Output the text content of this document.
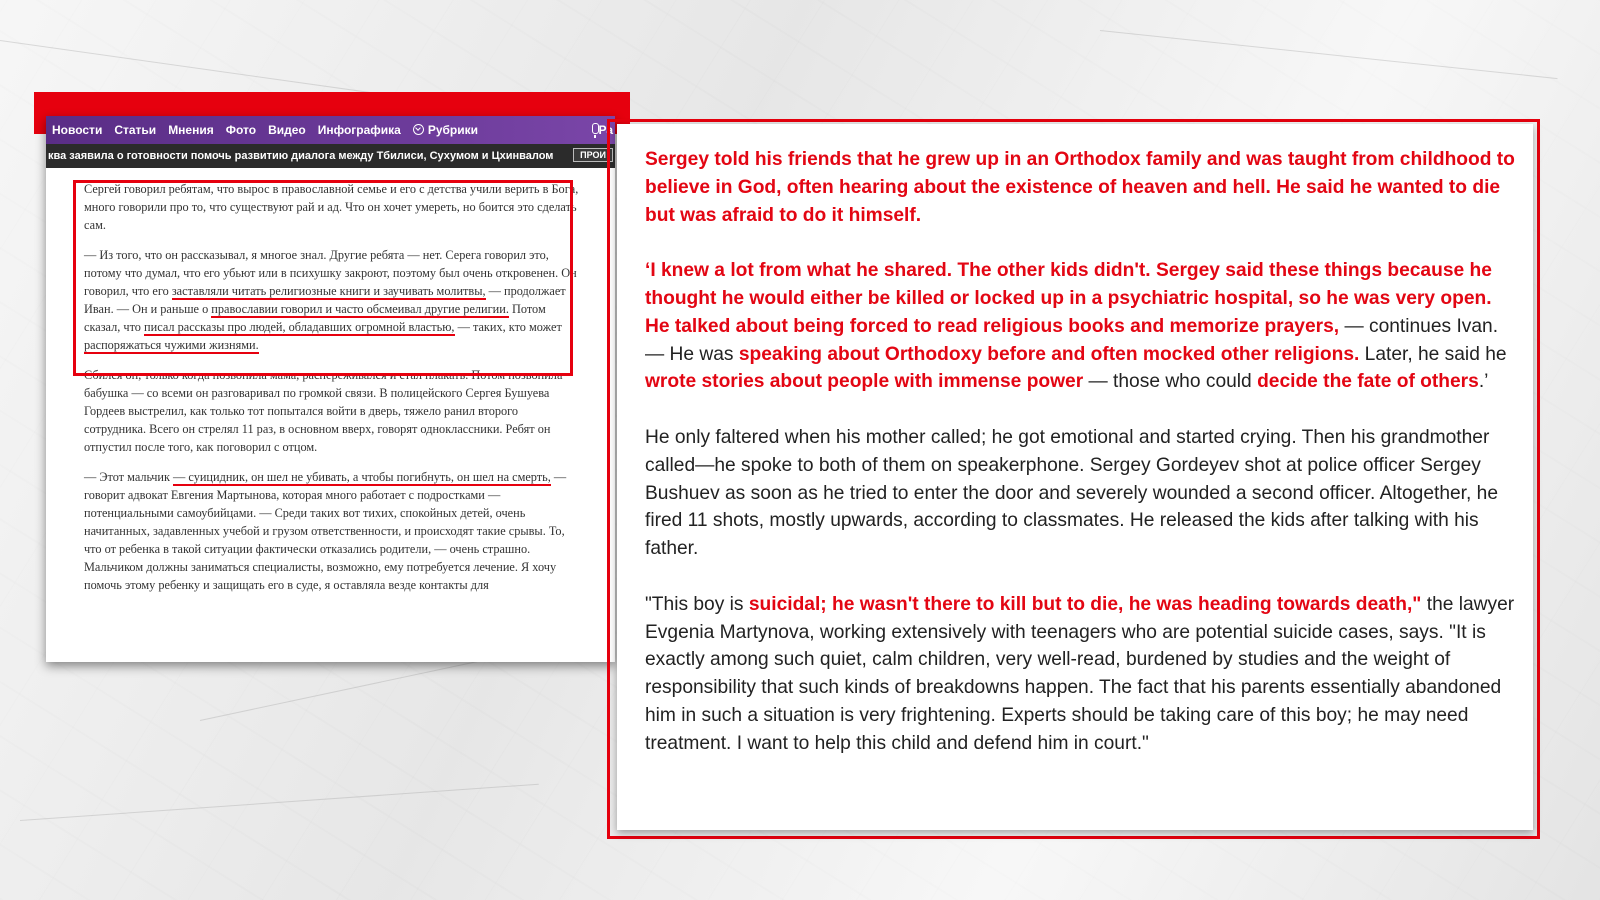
Новости Статьи Мнения Фото Видео Инфографика	Рубрики	Ра
ква заявила о готовности помочь развитию диалога между Тбилиси, Сухумом и Цхинвалом	ПРОИ

Сергей говорил ребятам, что вырос в православной семье и его с детства учили верить в Бога, много говорили про то, что существуют рай и ад. Что он хочет умереть, но боится это сделать сам.

— Из того, что он рассказывал, я многое знал. Другие ребята — нет. Серега говорил это, потому что думал, что его убьют или в психушку закроют, поэтому был очень откровенен. Он говорил, что его заставляли читать религиозные книги и заучивать молитвы, — продолжает Иван. — Он и раньше о православии говорил и часто обсмеивал другие религии. Потом сказал, что писал рассказы про людей, обладавших огромной властью, — таких, кто может распоряжаться чужими жизнями.

Сбился он, только когда позвонила мама, распереживался и стал плакать. Потом позвонила бабушка — со всеми он разговаривал по громкой связи. В полицейского Сергея Бушуева Гордеев выстрелил, как только тот попытался войти в дверь, тяжело ранил второго сотрудника. Всего он стрелял 11 раз, в основном вверх, говорят одноклассники. Ребят он отпустил после того, как поговорил с отцом.

— Этот мальчик — суицидник, он шел не убивать, а чтобы погибнуть, он шел на смерть, — говорит адвокат Евгения Мартынова, которая много работает с подростками — потенциальными самоубийцами. — Среди таких вот тихих, спокойных детей, очень начитанных, задавленных учебой и грузом ответственности, и происходят такие срывы. То, что от ребенка в такой ситуации фактически отказались родители, — очень страшно. Мальчиком должны заниматься специалисты, возможно, ему потребуется лечение. Я хочу помочь этому ребенку и защищать его в суде, я оставляла везде контакты для

Sergey told his friends that he grew up in an Orthodox family and was taught from childhood to believe in God, often hearing about the existence of heaven and hell. He said he wanted to die but was afraid to do it himself.

‘I knew a lot from what he shared. The other kids didn't. Sergey said these things because he thought he would either be killed or locked up in a psychiatric hospital, so he was very open. He talked about being forced to read religious books and memorize prayers, — continues Ivan. — He was speaking about Orthodoxy before and often mocked other religions. Later, he said he wrote stories about people with immense power — those who could decide the fate of others.’

He only faltered when his mother called; he got emotional and started crying. Then his grandmother called—he spoke to both of them on speakerphone. Sergey Gordeyev shot at police officer Sergey Bushuev as soon as he tried to enter the door and severely wounded a second officer. Altogether, he fired 11 shots, mostly upwards, according to classmates. He released the kids after talking with his father.

"This boy is suicidal; he wasn't there to kill but to die, he was heading towards death," the lawyer Evgenia Martynova, working extensively with teenagers who are potential suicide cases, says. "It is exactly among such quiet, calm children, very well-read, burdened by studies and the weight of responsibility that such kinds of breakdowns happen. The fact that his parents essentially abandoned him in such a situation is very frightening. Experts should be taking care of this boy; he may need treatment. I want to help this child and defend him in court."
